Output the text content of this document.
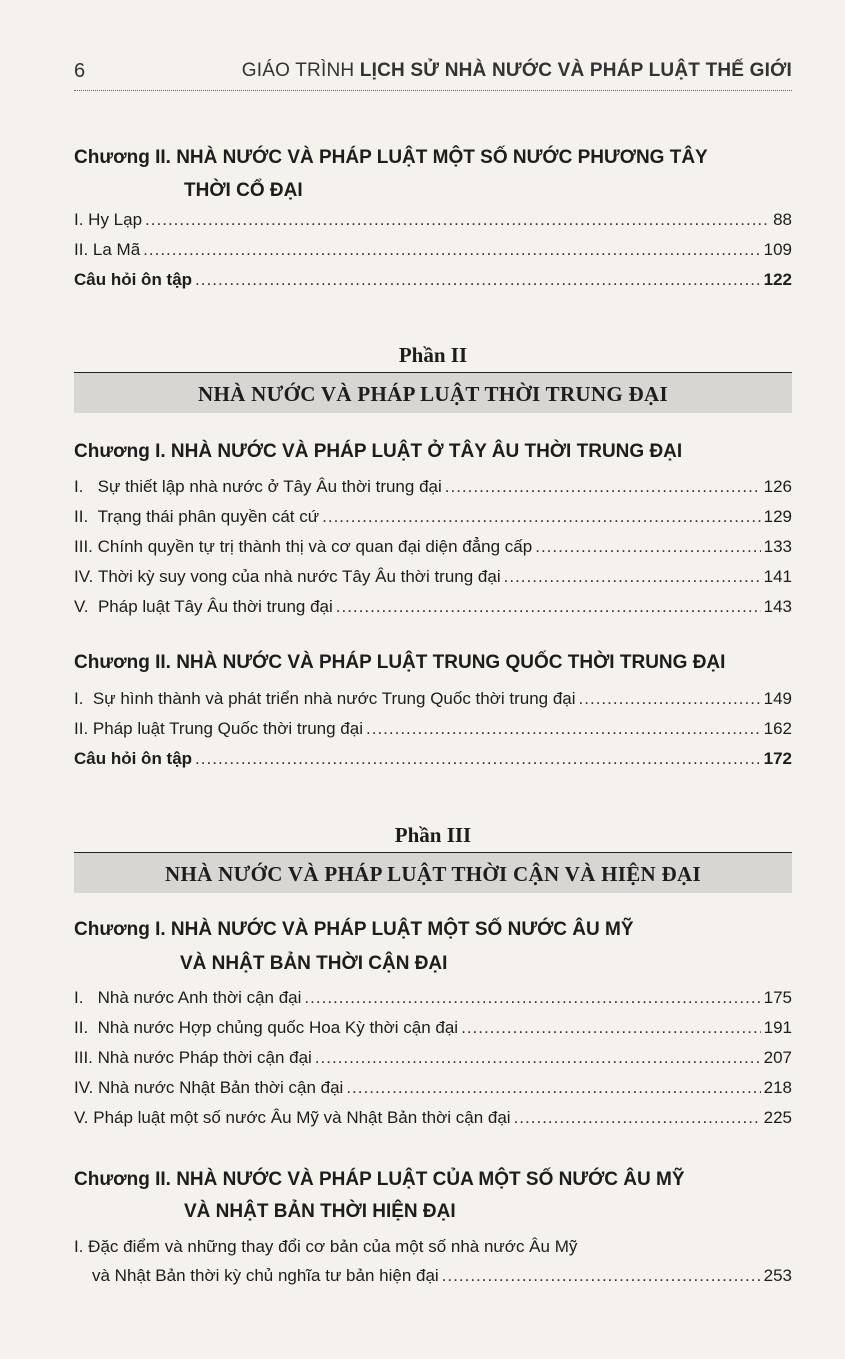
6	GIÁO TRÌNH LỊCH SỬ NHÀ NƯỚC VÀ PHÁP LUẬT THẾ GIỚI
Chương II. NHÀ NƯỚC VÀ PHÁP LUẬT MỘT SỐ NƯỚC PHƯƠNG TÂY
THỜI CỔ ĐẠI
I. Hy Lạp .....	88
II. La Mã .....	109
Câu hỏi ôn tập .....	122
Phần II
NHÀ NƯỚC VÀ PHÁP LUẬT THỜI TRUNG ĐẠI
Chương I. NHÀ NƯỚC VÀ PHÁP LUẬT Ở TÂY ÂU THỜI TRUNG ĐẠI
I. Sự thiết lập nhà nước ở Tây Âu thời trung đại .....	126
II. Trạng thái phân quyền cát cứ .....	129
III. Chính quyền tự trị thành thị và cơ quan đại diện đẳng cấp .....	133
IV. Thời kỳ suy vong của nhà nước Tây Âu thời trung đại .....	141
V. Pháp luật Tây Âu thời trung đại .....	143
Chương II. NHÀ NƯỚC VÀ PHÁP LUẬT TRUNG QUỐC THỜI TRUNG ĐẠI
I. Sự hình thành và phát triển nhà nước Trung Quốc thời trung đại .....	149
II. Pháp luật Trung Quốc thời trung đại .....	162
Câu hỏi ôn tập .....	172
Phần III
NHÀ NƯỚC VÀ PHÁP LUẬT THỜI CẬN VÀ HIỆN ĐẠI
Chương I. NHÀ NƯỚC VÀ PHÁP LUẬT MỘT SỐ NƯỚC ÂU MỸ
VÀ NHẬT BẢN THỜI CẬN ĐẠI
I. Nhà nước Anh thời cận đại .....	175
II. Nhà nước Hợp chủng quốc Hoa Kỳ thời cận đại .....	191
III. Nhà nước Pháp thời cận đại .....	207
IV. Nhà nước Nhật Bản thời cận đại .....	218
V. Pháp luật một số nước Âu Mỹ và Nhật Bản thời cận đại .....	225
Chương II. NHÀ NƯỚC VÀ PHÁP LUẬT CỦA MỘT SỐ NƯỚC ÂU MỸ
VÀ NHẬT BẢN THỜI HIỆN ĐẠI
I. Đặc điểm và những thay đổi cơ bản của một số nhà nước Âu Mỹ
và Nhật Bản thời kỳ chủ nghĩa tư bản hiện đại .....	253
